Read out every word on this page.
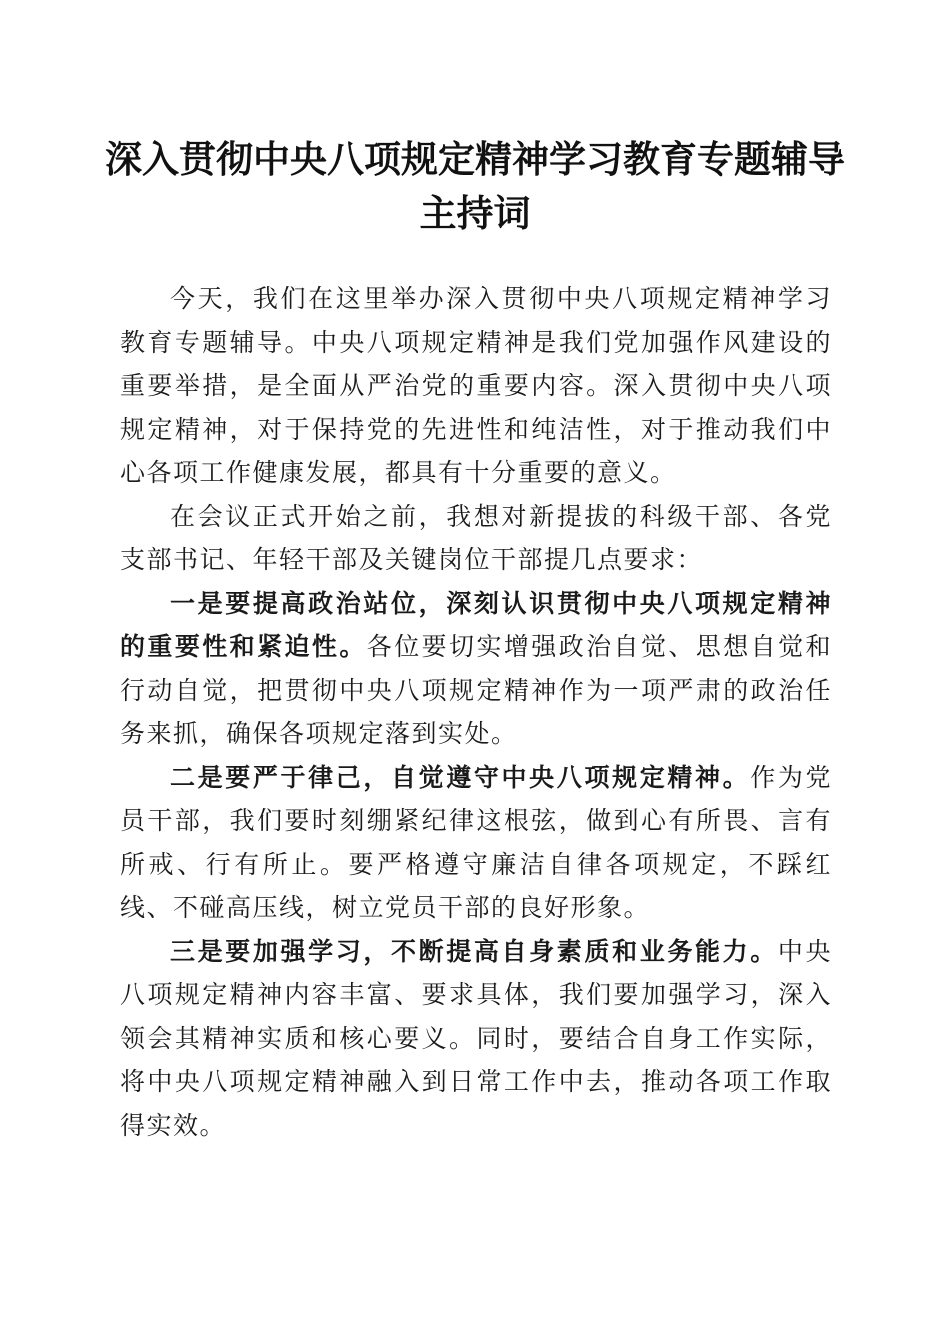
深入贯彻中央八项规定精神学习教育专题辅导主持词

今天，我们在这里举办深入贯彻中央八项规定精神学习教育专题辅导。中央八项规定精神是我们党加强作风建设的重要举措，是全面从严治党的重要内容。深入贯彻中央八项规定精神，对于保持党的先进性和纯洁性，对于推动我们中心各项工作健康发展，都具有十分重要的意义。

在会议正式开始之前，我想对新提拔的科级干部、各党支部书记、年轻干部及关键岗位干部提几点要求：

一是要提高政治站位，深刻认识贯彻中央八项规定精神的重要性和紧迫性。各位要切实增强政治自觉、思想自觉和行动自觉，把贯彻中央八项规定精神作为一项严肃的政治任务来抓，确保各项规定落到实处。

二是要严于律己，自觉遵守中央八项规定精神。作为党员干部，我们要时刻绷紧纪律这根弦，做到心有所畏、言有所戒、行有所止。要严格遵守廉洁自律各项规定，不踩红线、不碰高压线，树立党员干部的良好形象。

三是要加强学习，不断提高自身素质和业务能力。中央八项规定精神内容丰富、要求具体，我们要加强学习，深入领会其精神实质和核心要义。同时，要结合自身工作实际，将中央八项规定精神融入到日常工作中去，推动各项工作取得实效。
